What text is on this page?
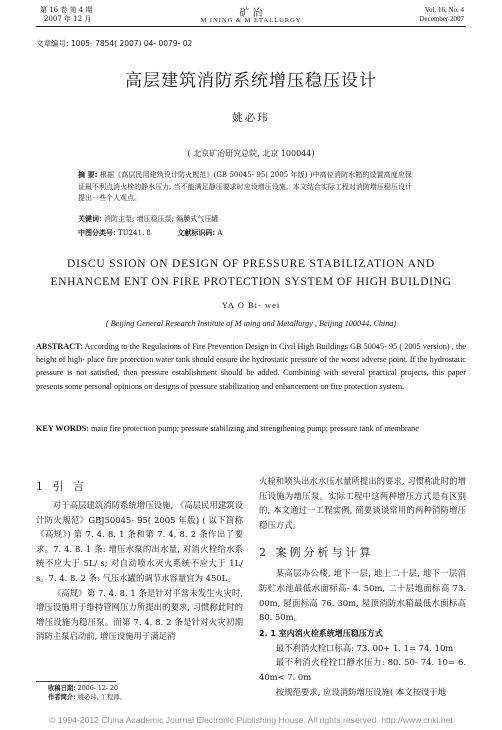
第 16 卷 第 4 期
2007 年 12 月	矿 冶
M INING & M ETALLURGY
Vol. 16, No. 4
December 2007
文章编号: 1005- 7854( 2007) 04- 0079- 02
高层建筑消防系统增压稳压设计
姚必玮
( 北京矿冶研究总院, 北京 100044)
摘 要: 根据《高层民用建筑设计防火规范》(GB 50045- 95( 2005 年版) )中高位消防水箱的设置高度应保证最不利点消火栓的静水压力, 当不能满足静压要求时应设增压设施。本文结合实际工程对消防增压稳压设计提出一些个人观点。
关键词: 消防主泵; 增压稳压泵; 隔膜式气压罐
中图分类号: TU241. 8	文献标识码: A
DISCU SSION ON DESIGN OF PRESSURE STABILIZATION AND
ENHANCEM ENT ON FIRE PROTECTION SYSTEM OF HIGH BUILDING
YA O Bi- wei
( Beijing General Research Institute of M ining and Metallurgy , Beijing 100044, China)
ABSTRACT: According to the Regulations of Fire Prevention Design in Civil High Buildings GB 50045- 95 ( 2005 version) , the height of high- place fire protection water tank should ensure the hydrostatic pressure of the worst adverse point. If the hydrostatic pressure is not satisfied, then pressure establishment should be added. Combining with several practical projects, this paper presents some personal opinions on designs of pressure stabilization and enhancement on fire protection system.
KEY WORDS: main fire protection pump; pressure stabilizing and strengthening pump; pressure tank of membrane
1 引 言

对于高层建筑消防系统增压设施, 《高层民用建筑设计防火规范》GBJ50045- 95( 2005 年版) ( 以下简称《高规》) 第 7. 4. 8. 1 条和第 7. 4. 8. 2 条作出了要求。7. 4. 8. 1 条: 增压水泵的出水量, 对消火栓给水系统不应大于 5L/ s; 对自动喷水灭火系统不应大于 1L/ s。7. 4. 8. 2 条: 气压水罐的调节水容量宜为 450L。

《高规》第 7. 4. 8. 1 条是针对平常未发生火灾时, 增压设施用于维持管网压力所提出的要求, 习惯称此时的增压设施为稳压泵。而第 7. 4. 8. 2 条是针对火灾初期消防主泵启动前, 增压设施用于满足消

收稿日期: 2006- 12- 20
作者简介: 姚必玮, 工程师。

火栓和喷头出水水压水量所提出的要求, 习惯称此时的增压设施为增压泵。实际工程中这两种增压方式是有区别的, 本文通过一工程实例, 简要谈谈常用的两种消防增压稳压方式。

2 案例分析与计算

某高层办公楼, 地下一层, 地上二十层, 地下一层消防贮水池最低水面标高- 4. 50m, 二十层地面标高 73. 00m, 屋面标高 76. 30m, 屋顶消防水箱最低水面标高 80. 50m。

2. 1 室内消火栓系统增压稳压方式

最不利消火栓口标高: 73. 00+ 1. 1= 74. 10m

最不利消火栓栓口静水压力: 80. 50- 74. 10= 6. 40m< 7. 0m

按规范要求, 应设消防增压设施( 本文按设于地

© 1994-2012 China Academic Journal Electronic Publishing House. All rights reserved. http://www.cnki.net
